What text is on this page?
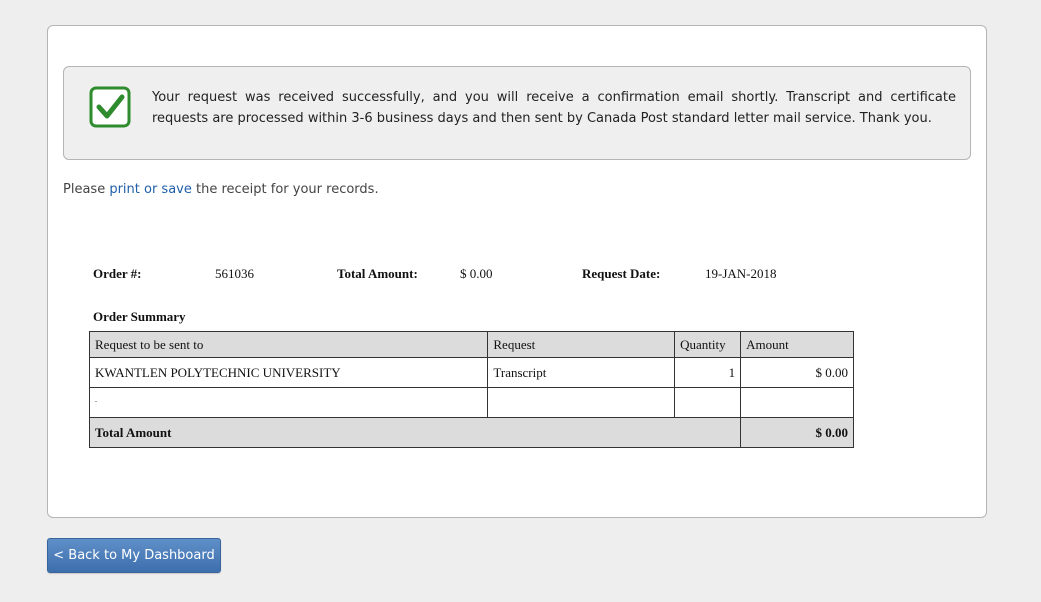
Your request was received successfully, and you will receive a confirmation email shortly. Transcript and certificate requests are processed within 3-6 business days and then sent by Canada Post standard letter mail service. Thank you.
Please print or save the receipt for your records.
Order #:	561036	Total Amount:	$ 0.00	Request Date:	19-JAN-2018
Order Summary
Request to be sent to	Request	Quantity	Amount
KWANTLEN POLYTECHNIC UNIVERSITY	Transcript	1	$ 0.00
.			
Total Amount			$ 0.00
< Back to My Dashboard
